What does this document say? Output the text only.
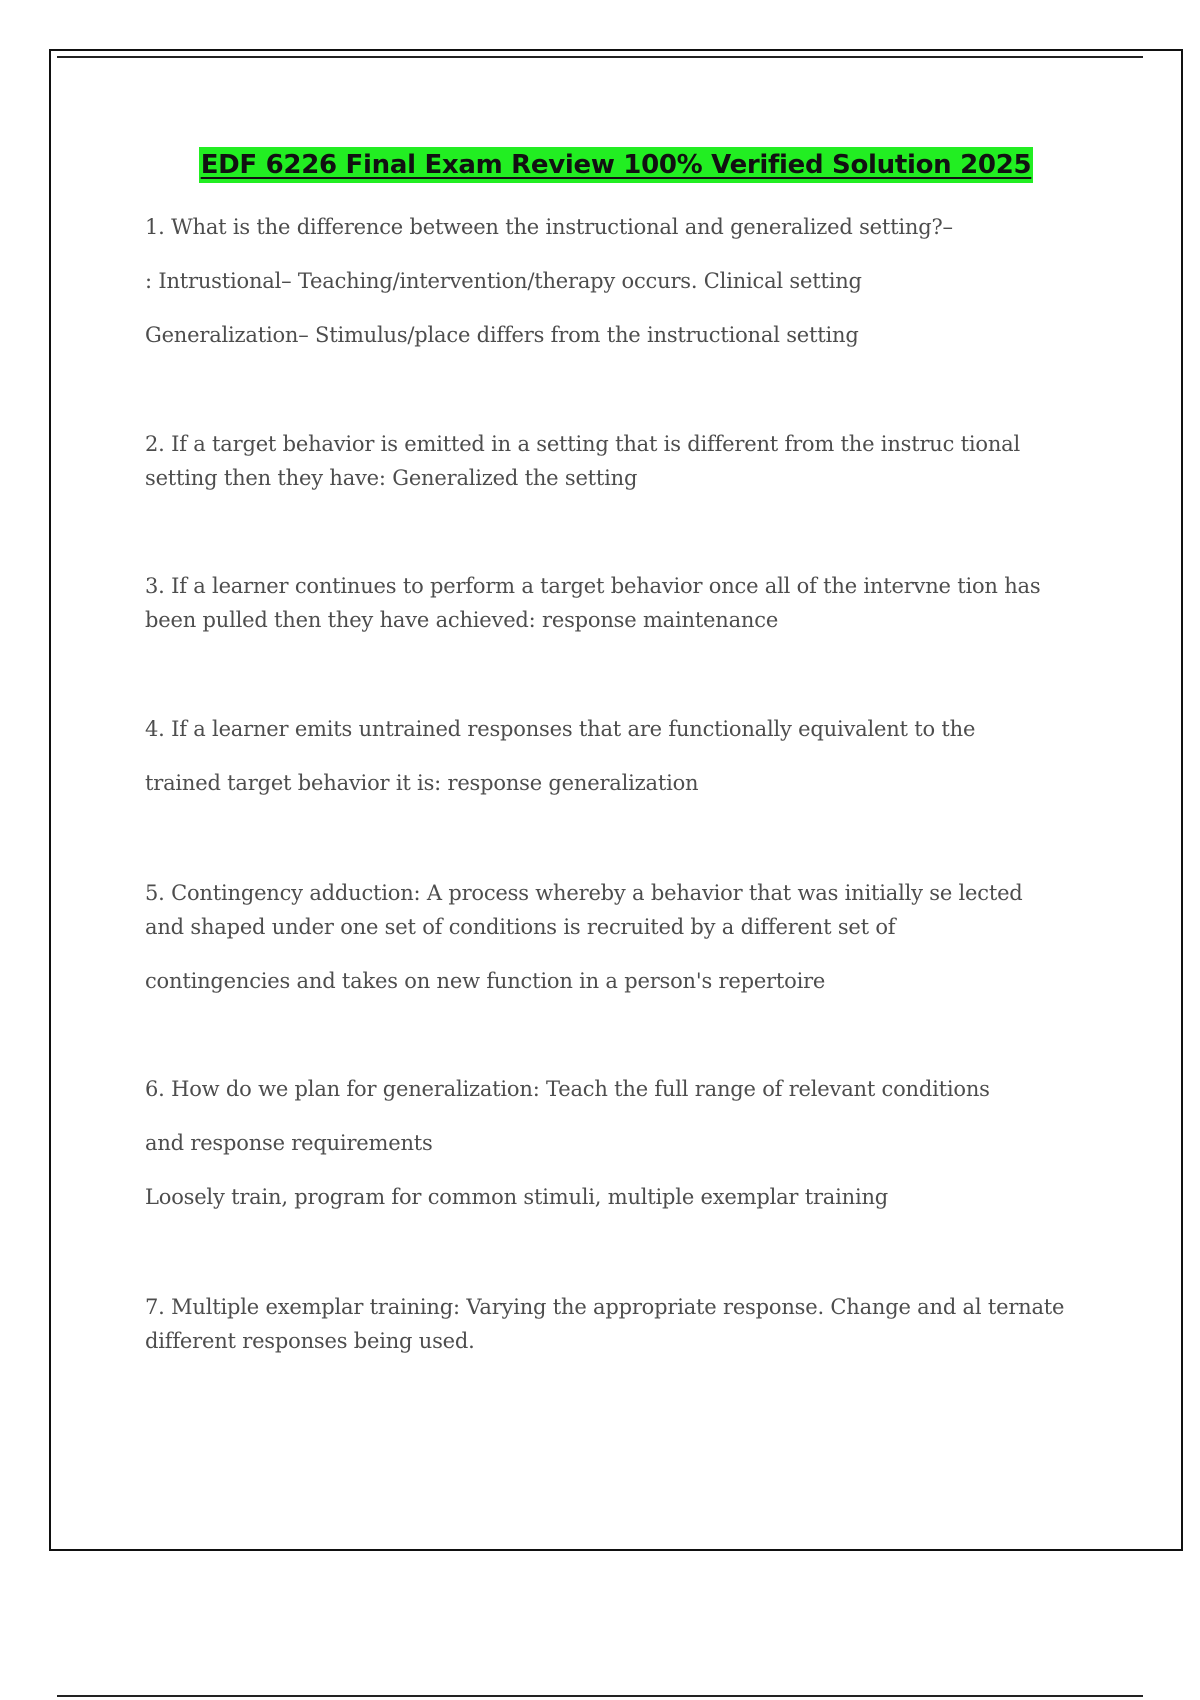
EDF 6226 Final Exam Review 100% Verified Solution 2025
1. What is the difference between the instructional and generalized setting?–
: Intrustional– Teaching/intervention/therapy occurs. Clinical setting
Generalization– Stimulus/place differs from the instructional setting
2. If a target behavior is emitted in a setting that is different from the instruc tional
setting then they have: Generalized the setting
3. If a learner continues to perform a target behavior once all of the intervne tion has
been pulled then they have achieved: response maintenance
4. If a learner emits untrained responses that are functionally equivalent to the
trained target behavior it is: response generalization
5. Contingency adduction: A process whereby a behavior that was initially se lected
and shaped under one set of conditions is recruited by a different set of
contingencies and takes on new function in a person's repertoire
6. How do we plan for generalization: Teach the full range of relevant conditions
and response requirements
Loosely train, program for common stimuli, multiple exemplar training
7. Multiple exemplar training: Varying the appropriate response. Change and al ternate
different responses being used.
